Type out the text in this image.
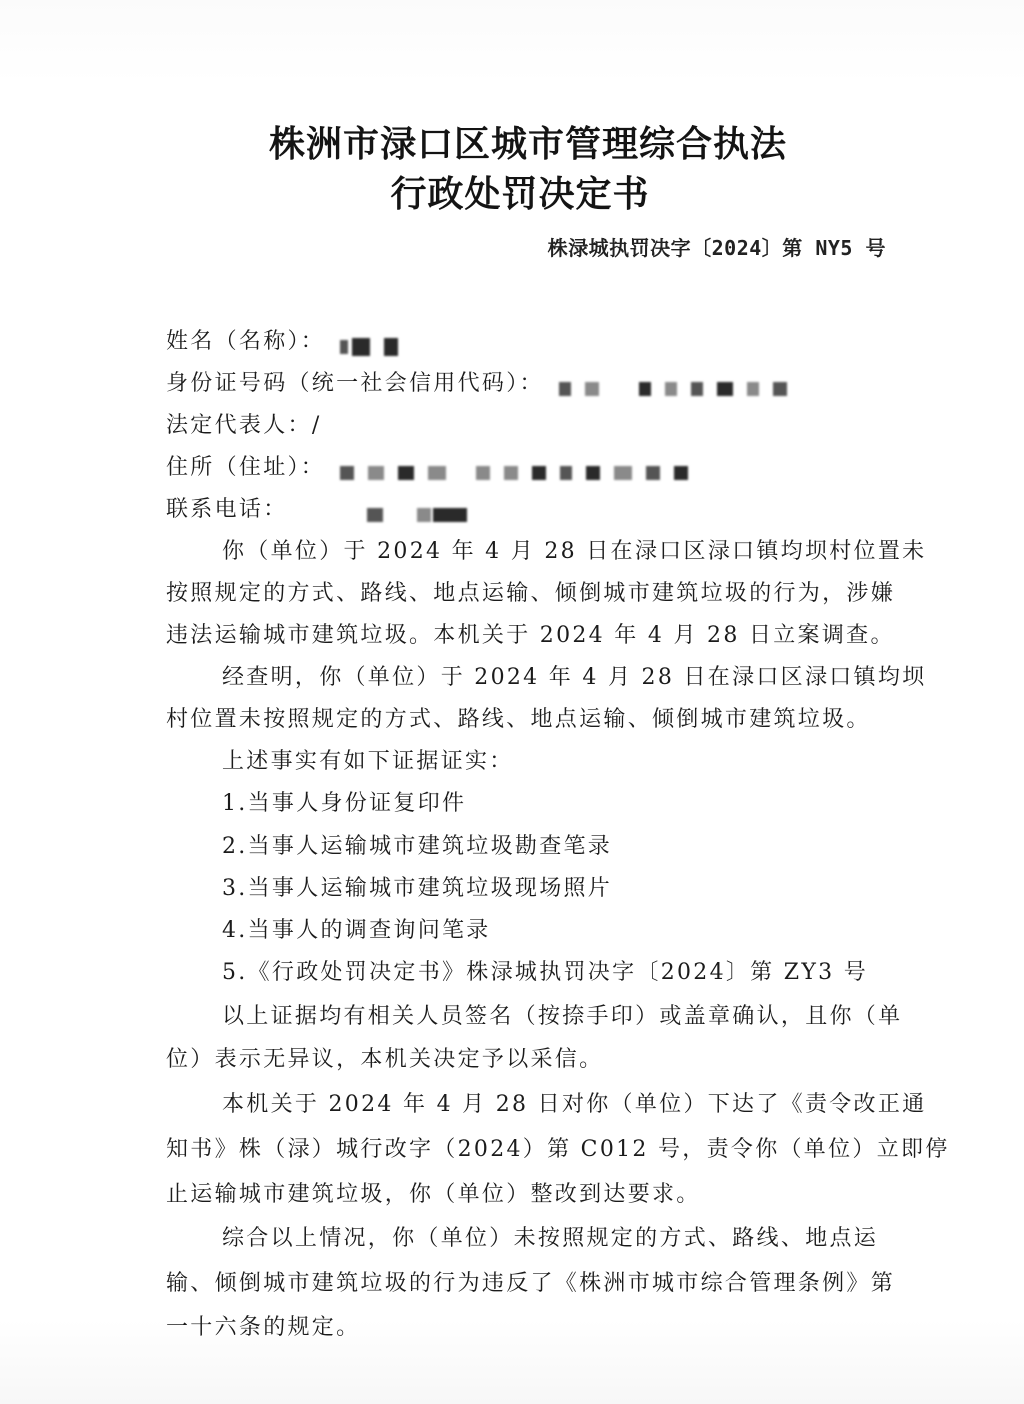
株洲市渌口区城市管理综合执法
行政处罚决定书
株渌城执罚决字〔2024〕第 NY5 号
姓名（名称）：
身份证号码（统一社会信用代码）：
法定代表人：/
住所（住址）：
联系电话：
你（单位）于 2024 年 4 月 28 日在渌口区渌口镇均坝村位置未
按照规定的方式、路线、地点运输、倾倒城市建筑垃圾的行为，涉嫌
违法运输城市建筑垃圾。本机关于 2024 年 4 月 28 日立案调查。
经查明，你（单位）于 2024 年 4 月 28 日在渌口区渌口镇均坝
村位置未按照规定的方式、路线、地点运输、倾倒城市建筑垃圾。
上述事实有如下证据证实：
1.当事人身份证复印件
2.当事人运输城市建筑垃圾勘查笔录
3.当事人运输城市建筑垃圾现场照片
4.当事人的调查询问笔录
5.《行政处罚决定书》株渌城执罚决字〔2024〕第 ZY3 号
以上证据均有相关人员签名（按捺手印）或盖章确认，且你（单
位）表示无异议，本机关决定予以采信。
本机关于 2024 年 4 月 28 日对你（单位）下达了《责令改正通
知书》株（渌）城行改字（2024）第 C012 号，责令你（单位）立即停
止运输城市建筑垃圾，你（单位）整改到达要求。
综合以上情况，你（单位）未按照规定的方式、路线、地点运
输、倾倒城市建筑垃圾的行为违反了《株洲市城市综合管理条例》第
一十六条的规定。
